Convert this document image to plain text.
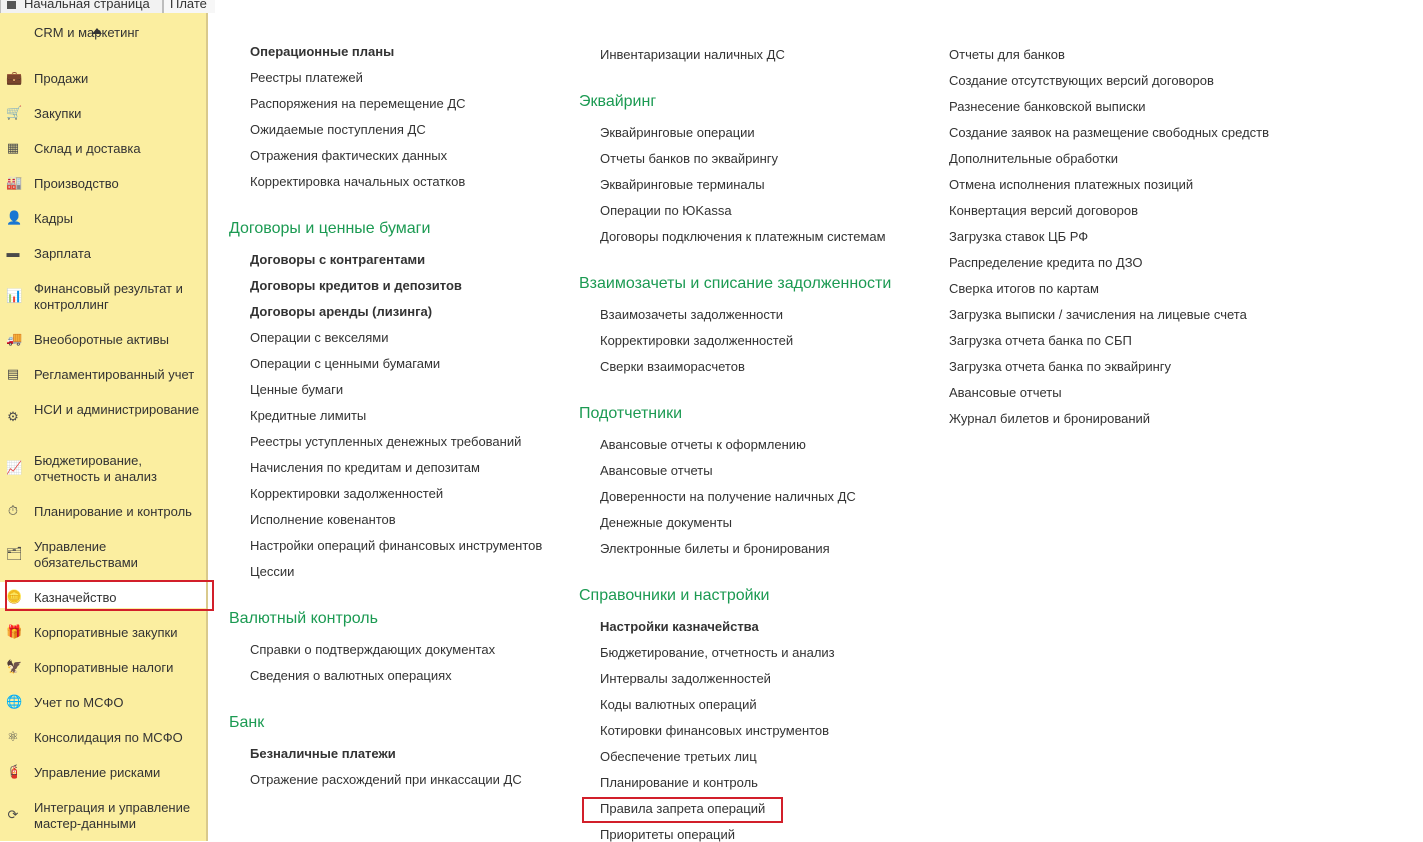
Начальная страница	Плате
СRМ и маркетинг
💼 Продажи
🛒 Закупки
▦ Склад и доставка
🏭 Производство
👤 Кадры
▬ Зарплата
📊 Финансовый результат и контроллинг
🚚 Внеоборотные активы
▤ Регламентированный учет
⚙ НСИ и администрирование
📈 Бюджетирование, отчетность и анализ
⏱ Планирование и контроль
🗂 Управление обязательствами
🪙 Казначейство
🎁 Корпоративные закупки
🦅 Корпоративные налоги
🌐 Учет по МСФО
⚛ Консолидация по МСФО
🧯 Управление рисками
⟳ Интеграция и управление мастер-данными
Операционные планы
Реестры платежей
Распоряжения на перемещение ДС
Ожидаемые поступления ДС
Отражения фактических данных
Корректировка начальных остатков
Договоры и ценные бумаги
Договоры с контрагентами
Договоры кредитов и депозитов
Договоры аренды (лизинга)
Операции с векселями
Операции с ценными бумагами
Ценные бумаги
Кредитные лимиты
Реестры уступленных денежных требований
Начисления по кредитам и депозитам
Корректировки задолженностей
Исполнение ковенантов
Настройки операций финансовых инструментов
Цессии
Валютный контроль
Справки о подтверждающих документах
Сведения о валютных операциях
Банк
Безналичные платежи
Отражение расхождений при инкассации ДС
Инвентаризации наличных ДС
Эквайринг
Эквайринговые операции
Отчеты банков по эквайрингу
Эквайринговые терминалы
Операции по ЮKassa
Договоры подключения к платежным системам
Взаимозачеты и списание задолженности
Взаимозачеты задолженности
Корректировки задолженностей
Сверки взаиморасчетов
Подотчетники
Авансовые отчеты к оформлению
Авансовые отчеты
Доверенности на получение наличных ДС
Денежные документы
Электронные билеты и бронирования
Справочники и настройки
Настройки казначейства
Бюджетирование, отчетность и анализ
Интервалы задолженностей
Коды валютных операций
Котировки финансовых инструментов
Обеспечение третьих лиц
Планирование и контроль
Правила запрета операций
Приоритеты операций
Отчеты для банков
Создание отсутствующих версий договоров
Разнесение банковской выписки
Создание заявок на размещение свободных средств
Дополнительные обработки
Отмена исполнения платежных позиций
Конвертация версий договоров
Загрузка ставок ЦБ РФ
Распределение кредита по ДЗО
Сверка итогов по картам
Загрузка выписки / зачисления на лицевые счета
Загрузка отчета банка по СБП
Загрузка отчета банка по эквайрингу
Авансовые отчеты
Журнал билетов и бронирований
